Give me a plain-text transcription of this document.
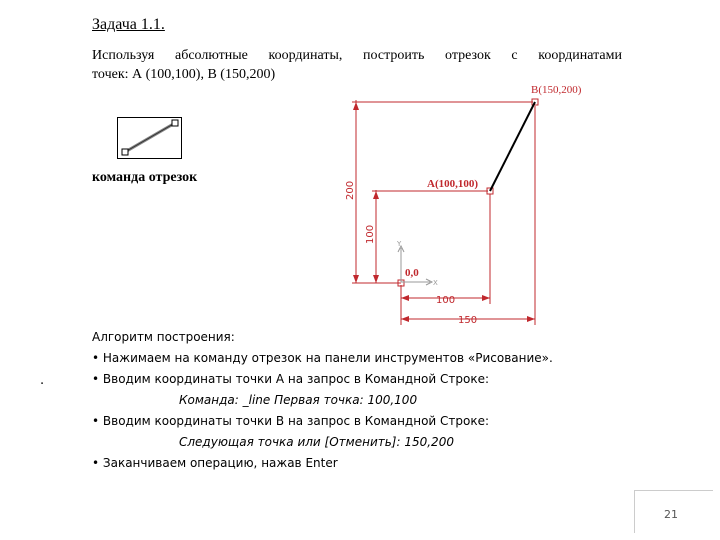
Задача 1.1.
Используя абсолютные координаты, построить отрезок с координатами
точек: А (100,100), В (150,200)
команда отрезок
B(150,200)
A(100,100)
0,0
Y
X
200
100
100
150
Алгоритм построения:
• Нажимаем на команду отрезок на панели инструментов «Рисование».
• Вводим координаты точки А на запрос в Командной Строке:
Команда: _line Первая точка: 100,100
• Вводим координаты точки В на запрос в Командной Строке:
Следующая точка или [Отменить]: 150,200
• Заканчиваем операцию, нажав Enter
.
21
